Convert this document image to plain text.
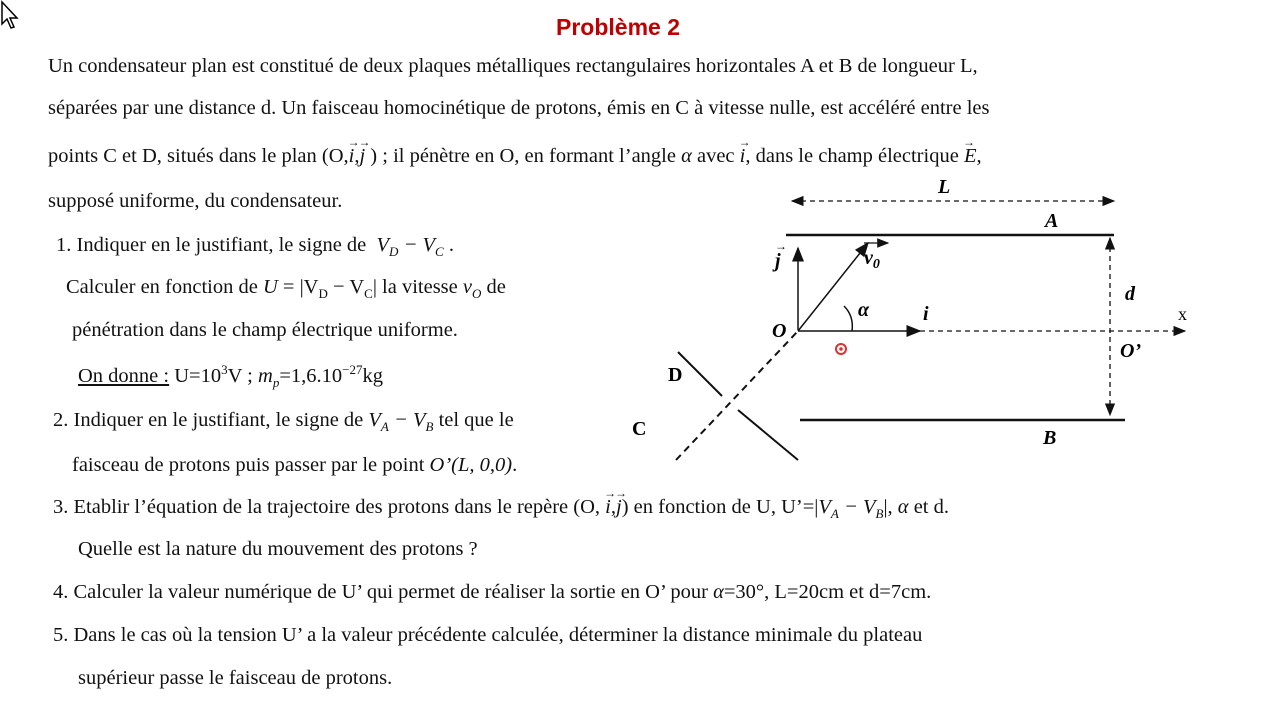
Problème 2
Un condensateur plan est constitué de deux plaques métalliques rectangulaires horizontales A et B de longueur L,
séparées par une distance d. Un faisceau homocinétique de protons, émis en C à vitesse nulle, est accéléré entre les
points C et D, situés dans le plan (O,→ i,→ j ) ; il pénètre en O, en formant l’angle α avec → i, dans le champ électrique → E,
supposé uniforme, du condensateur.
1. Indiquer en le justifiant, le signe de $V_D - V_C$ .
Calculer en fonction de $U = |V_D - V_C|$ la vitesse $v_O$ de
pénétration dans le champ électrique uniforme.
On donne : $U=10^3V$ ; $m_p=1,6.10^{-27}kg$
2. Indiquer en le justifiant, le signe de $V_A - V_B$ tel que le
faisceau de protons puis passer par le point O’(L, 0,0).
3. Etablir l’équation de la trajectoire des protons dans le repère (O, → i,→ j) en fonction de U, $U’=|V_A - V_B|$, α et d.
Quelle est la nature du mouvement des protons ?
4. Calculer la valeur numérique de U’ qui permet de réaliser la sortie en O’ pour α=30°, L=20cm et d=7cm.
5. Dans le cas où la tension U’ a la valeur précédente calculée, déterminer la distance minimale du plateau
supérieur passe le faisceau de protons.
L
A
B
d
x
O
O’
j
→
i
$v_0$
α
D
C
